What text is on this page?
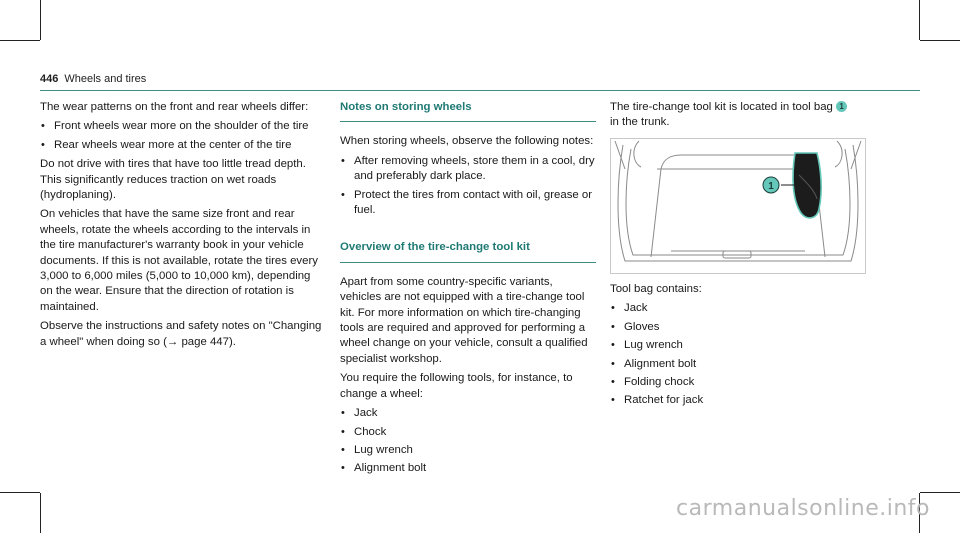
446 Wheels and tires

The wear patterns on the front and rear wheels differ:

• Front wheels wear more on the shoulder of the tire
• Rear wheels wear more at the center of the tire

Do not drive with tires that have too little tread depth. This significantly reduces traction on wet roads (hydroplaning).

On vehicles that have the same size front and rear wheels, rotate the wheels according to the intervals in the tire manufacturer's warranty book in your vehicle documents. If this is not available, rotate the tires every 3,000 to 6,000 miles (5,000 to 10,000 km), depending on the wear. Ensure that the direction of rotation is maintained.

Observe the instructions and safety notes on "Changing a wheel" when doing so (→ page 447).

Notes on storing wheels

When storing wheels, observe the following notes:

• After removing wheels, store them in a cool, dry and preferably dark place.
• Protect the tires from contact with oil, grease or fuel.
Overview of the tire-change tool kit

Apart from some country-specific variants, vehicles are not equipped with a tire-change tool kit. For more information on which tire-changing tools are required and approved for performing a wheel change on your vehicle, consult a qualified specialist workshop.

You require the following tools, for instance, to change a wheel:

• Jack
• Chock
• Lug wrench
• Alignment bolt

The tire-change tool kit is located in tool bag 1
in the trunk.

1

Tool bag contains:

• Jack
• Gloves
• Lug wrench
• Alignment bolt
• Folding chock
• Ratchet for jack
carmanualsonline.info
